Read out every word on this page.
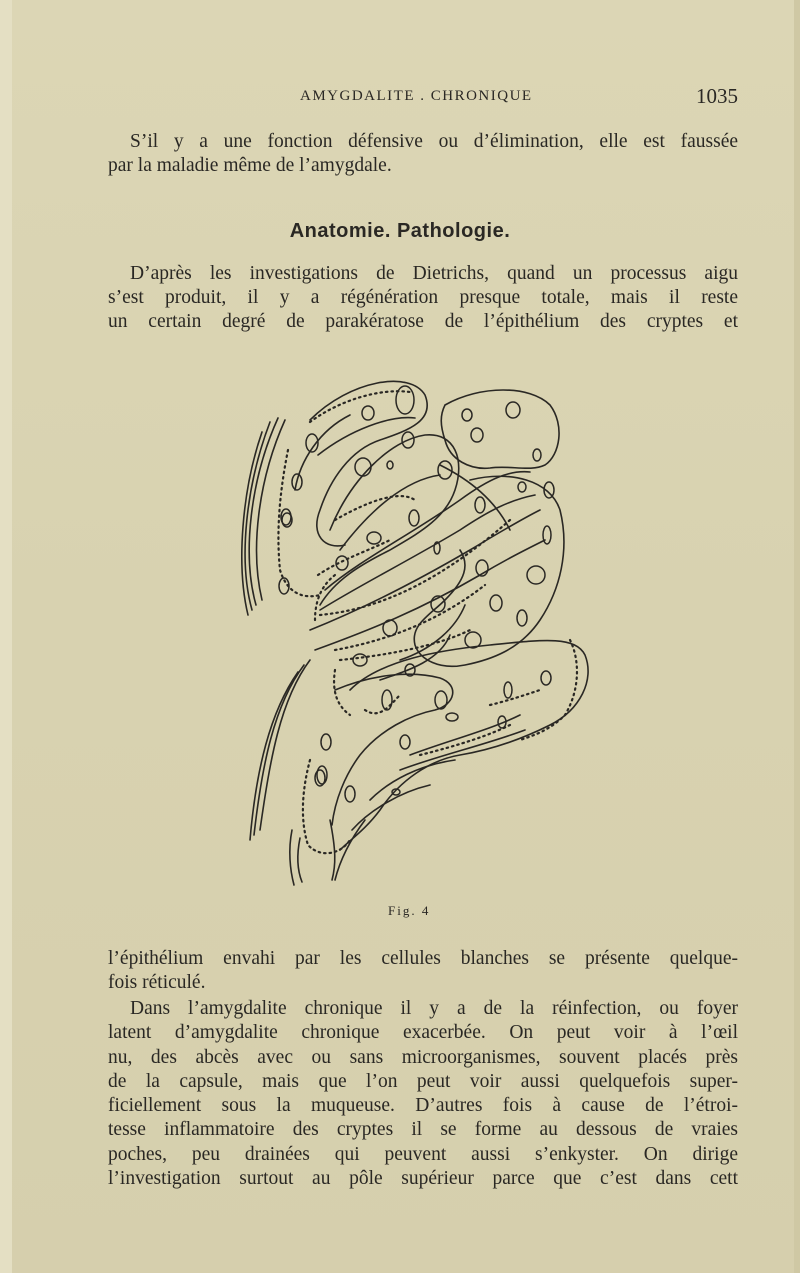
AMYGDALITE . CHRONIQUE	1035
S’il y a une fonction défensive ou d’élimination, elle est faussée
par la maladie même de l’amygdale.
Anatomie. Pathologie.
D’après les investigations de Dietrichs, quand un processus aigu
s’est produit, il y a régénération presque totale, mais il reste
un certain degré de parakératose de l’épithélium des cryptes et
Fig. 4
l’épithélium envahi par les cellules blanches se présente quelque-
fois réticulé.
Dans l’amygdalite chronique il y a de la réinfection, ou foyer
latent d’amygdalite chronique exacerbée. On peut voir à l’œil
nu, des abcès avec ou sans microorganismes, souvent placés près
de la capsule, mais que l’on peut voir aussi quelquefois super-
ficiellement sous la muqueuse. D’autres fois à cause de l’étroi-
tesse inflammatoire des cryptes il se forme au dessous de vraies
poches, peu drainées qui peuvent aussi s’enkyster. On dirige
l’investigation surtout au pôle supérieur parce que c’est dans cett
